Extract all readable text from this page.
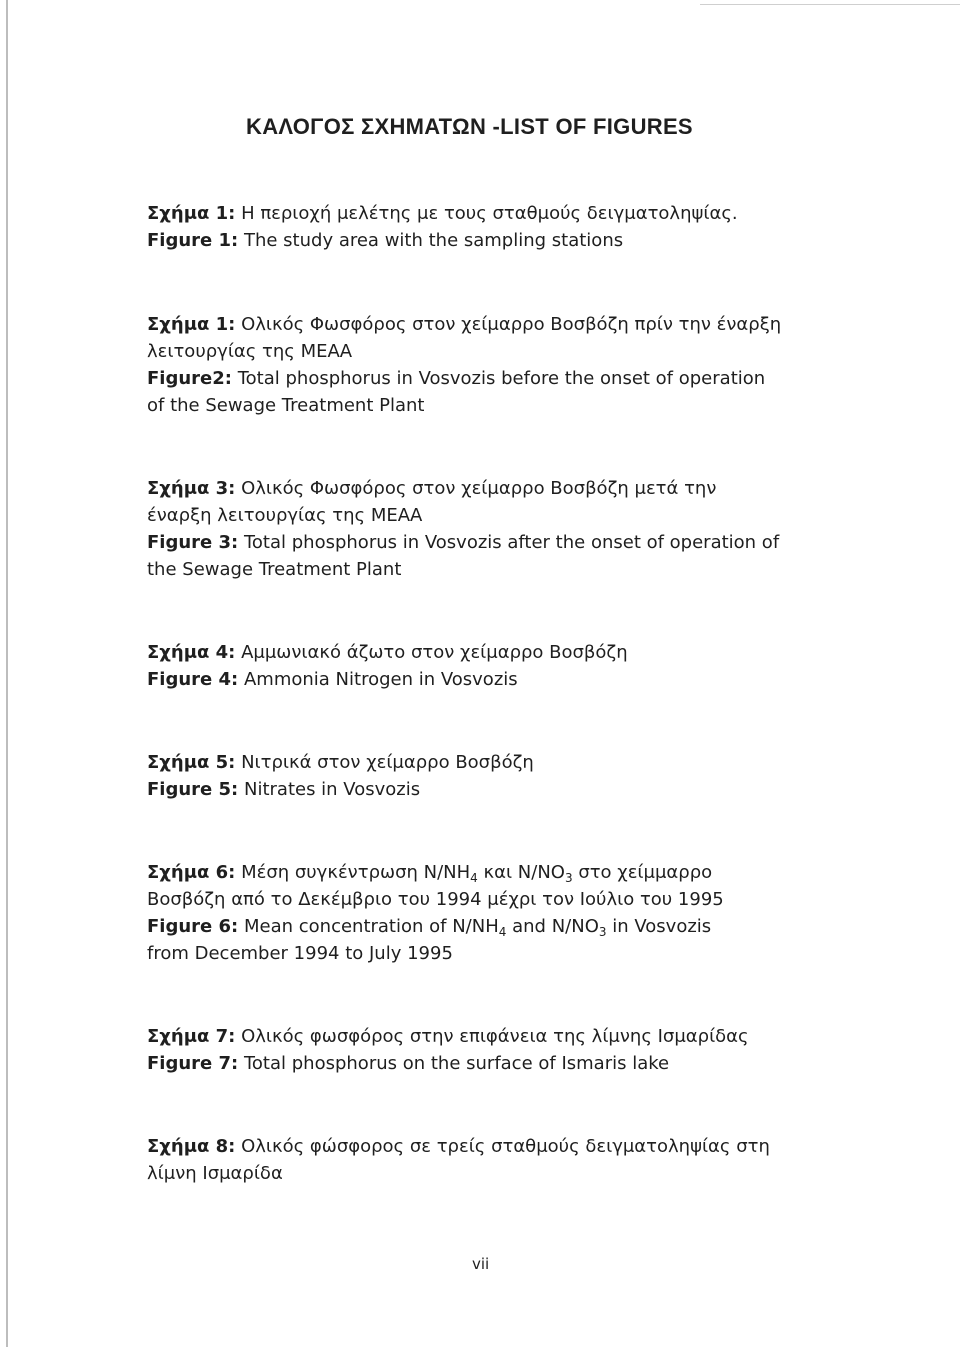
ΚΑΛΟΓΟΣ ΣΧΗΜΑΤΩΝ -LIST OF FIGURES
Σχήμα 1: Η περιοχή μελέτης με τους σταθμούς δειγματοληψίας.
Figure 1: The study area with the sampling stations
Σχήμα 1: Ολικός Φωσφόρος στον χείμαρρο Βοσβόζη πρίν την έναρξη
λειτουργίας της ΜΕΑΑ
Figure2: Total phosphorus in Vosvozis before the onset of operation
of the Sewage Treatment Plant
Σχήμα 3: Ολικός Φωσφόρος στον χείμαρρο Βοσβόζη μετά την
έναρξη λειτουργίας της ΜΕΑΑ
Figure 3: Total phosphorus in Vosvozis after the onset of operation of
the Sewage Treatment Plant
Σχήμα 4: Αμμωνιακό άζωτο στον χείμαρρο Βοσβόζη
Figure 4: Ammonia Nitrogen in Vosvozis
Σχήμα 5: Νιτρικά στον χείμαρρο Βοσβόζη
Figure 5: Nitrates in Vosvozis
Σχήμα 6: Μέση συγκέντρωση $N/NH_4$ και $N/NO_3$ στο χείμμαρρο
Βοσβόζη από το Δεκέμβριο του 1994 μέχρι τον Ιούλιο του 1995
Figure 6: Mean concentration of $N/NH_4$ and $N/NO_3$ in Vosvozis
from December 1994 to July 1995
Σχήμα 7: Ολικός φωσφόρος στην επιφάνεια της λίμνης Ισμαρίδας
Figure 7: Total phosphorus on the surface of Ismaris lake
Σχήμα 8: Ολικός φώσφορος σε τρείς σταθμούς δειγματοληψίας στη
λίμνη Ισμαρίδα
vii
